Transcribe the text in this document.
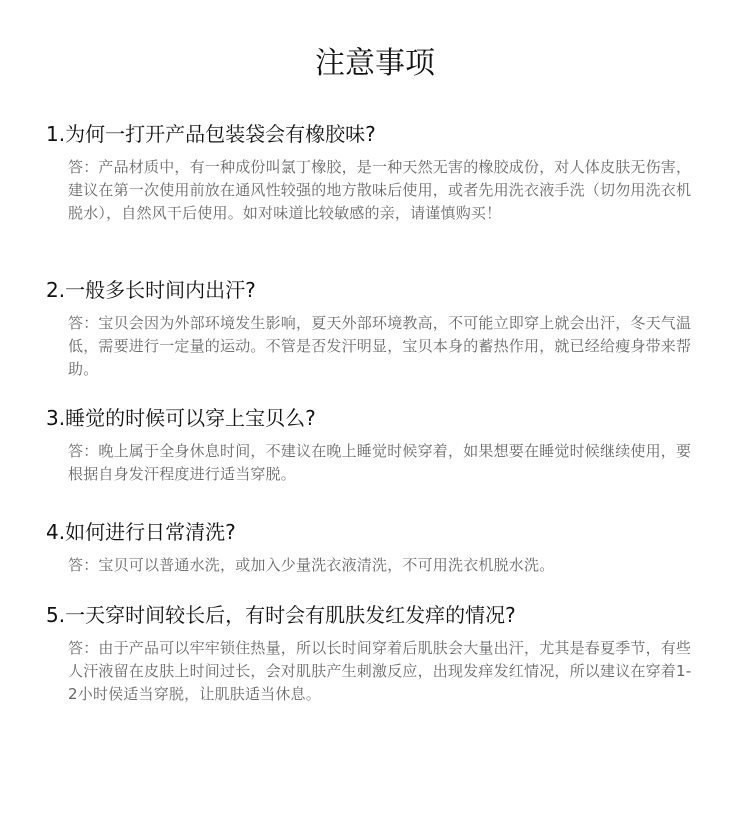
注意事项
1.为何一打开产品包装袋会有橡胶味?

答：产品材质中，有一种成份叫氯丁橡胶，是一种天然无害的橡胶成份，对人体皮肤无伤害，建议在第一次使用前放在通风性较强的地方散味后使用，或者先用洗衣液手洗（切勿用洗衣机脱水），自然风干后使用。如对味道比较敏感的亲，请谨慎购买！

2.一般多长时间内出汗?

答：宝贝会因为外部环境发生影响，夏天外部环境教高，不可能立即穿上就会出汗，冬天气温低，需要进行一定量的运动。不管是否发汗明显，宝贝本身的蓄热作用，就已经给瘦身带来帮助。

3.睡觉的时候可以穿上宝贝么?

答：晚上属于全身休息时间，不建议在晚上睡觉时候穿着，如果想要在睡觉时候继续使用，要根据自身发汗程度进行适当穿脱。

4.如何进行日常清洗?

答：宝贝可以普通水洗，或加入少量洗衣液清洗，不可用洗衣机脱水洗。

5.一天穿时间较长后，有时会有肌肤发红发痒的情况?

答：由于产品可以牢牢锁住热量，所以长时间穿着后肌肤会大量出汗，尤其是春夏季节，有些人汗液留在皮肤上时间过长，会对肌肤产生刺激反应，出现发痒发红情况，所以建议在穿着1-2小时侯适当穿脱，让肌肤适当休息。
